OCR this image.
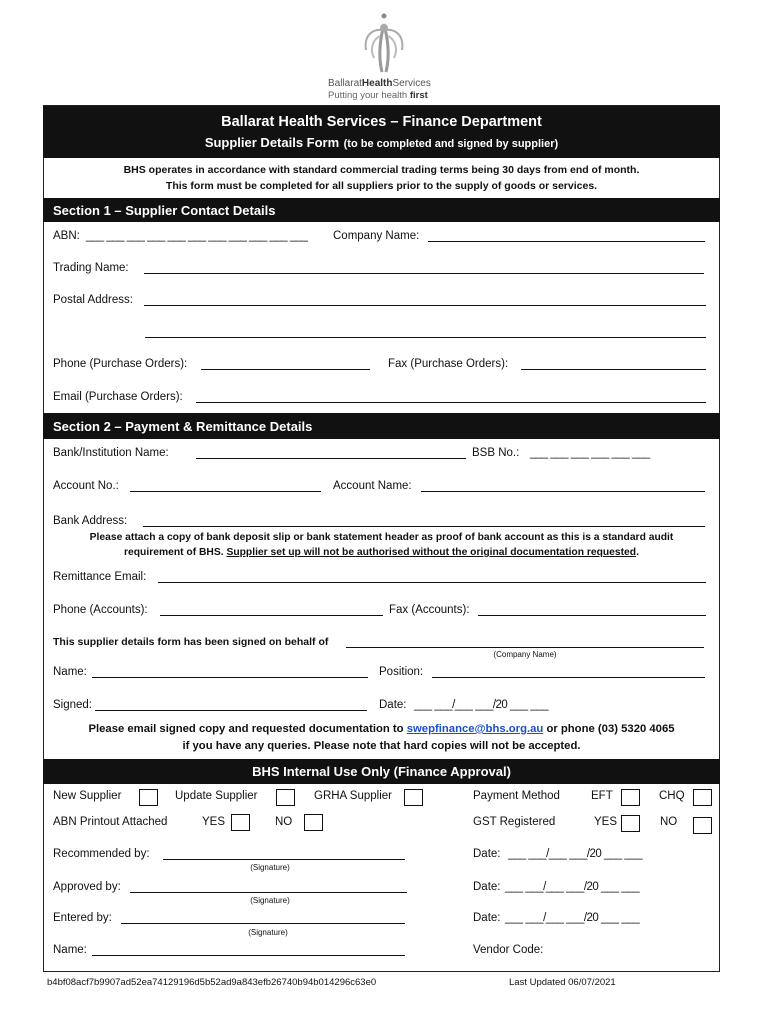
BallaratHealthServices
Putting your health first
Ballarat Health Services – Finance Department
Supplier Details Form (to be completed and signed by supplier)
BHS operates in accordance with standard commercial trading terms being 30 days from end of month.
This form must be completed for all suppliers prior to the supply of goods or services.
Section 1 – Supplier Contact Details
ABN: ___ ___ ___ ___ ___ ___ ___ ___ ___ ___ ___ Company Name:
Trading Name:
Postal Address:
Phone (Purchase Orders):	Fax (Purchase Orders):
Email (Purchase Orders):
Section 2 – Payment & Remittance Details
Bank/Institution Name:	BSB No.: ___ ___ ___ ___ ___ ___
Account No.:	Account Name:
Bank Address:
Please attach a copy of bank deposit slip or bank statement header as proof of bank account as this is a standard audit
requirement of BHS. Supplier set up will not be authorised without the original documentation requested.
Remittance Email:
Phone (Accounts):	Fax (Accounts):
This supplier details form has been signed on behalf of
(Company Name)
Name:	Position:
Signed:	Date: ___ ___/___ ___/20 ___ ___
Please email signed copy and requested documentation to swepfinance@bhs.org.au or phone (03) 5320 4065
if you have any queries. Please note that hard copies will not be accepted.
BHS Internal Use Only (Finance Approval)
New Supplier	Update Supplier	GRHA Supplier	Payment Method	EFT	CHQ
ABN Printout Attached	YES	NO	GST Registered	YES	NO
Recommended by:
(Signature)
Date: ___ ___/___ ___/20 ___ ___
Approved by:
(Signature)
Date: ___ ___/___ ___/20 ___ ___
Entered by:
(Signature)
Date: ___ ___/___ ___/20 ___ ___
Name:	Vendor Code:
b4bf08acf7b9907ad52ea74129196d5b52ad9a843efb26740b94b014296c63e0	Last Updated 06/07/2021
